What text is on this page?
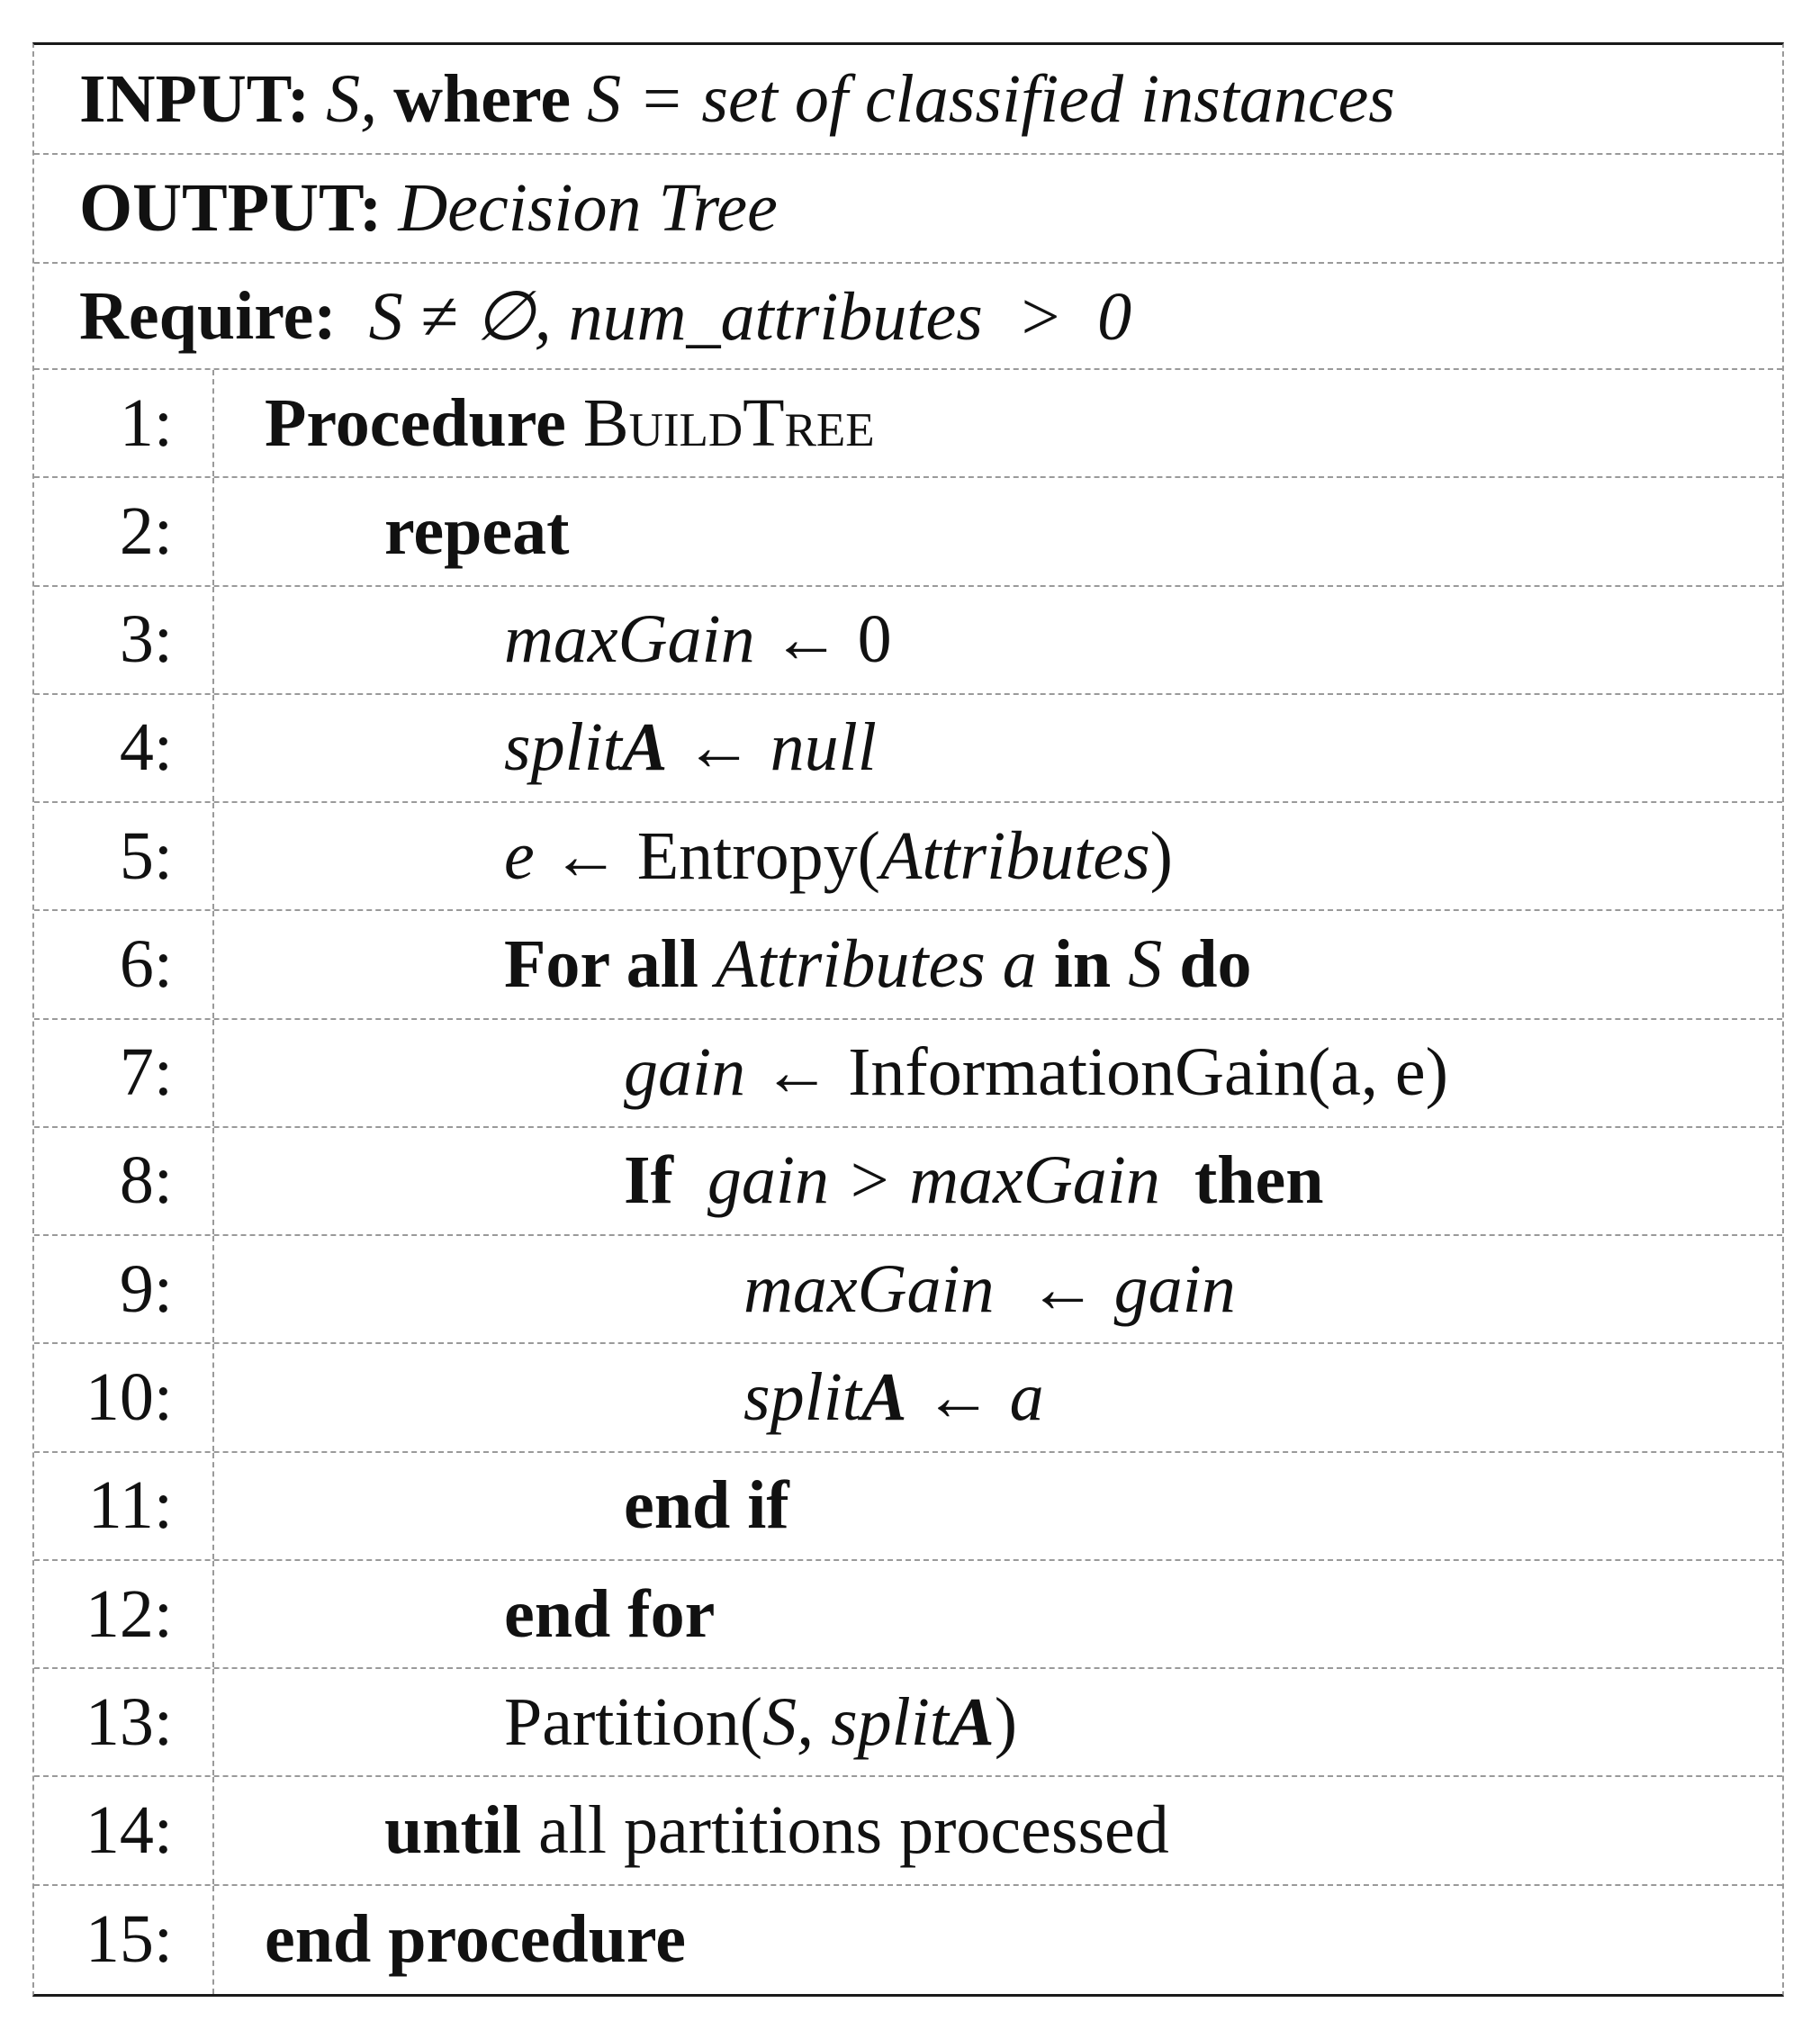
INPUT: S, where S = set of classified instances
OUTPUT: Decision Tree
Require: S ≠ ∅, num_attributes  >  0
1:	Procedure BuildTree
2:	repeat
3:	maxGain ← 0
4:	split A ← null
5:	e ← Entropy( Attributes )
6:	For all Attributes a in S do
7:	gain ← InformationGain(a, e)
8:	If gain > maxGain then
9:	maxGain ← gain
10:	split A ← a
11:	end if
12:	end for
13:	Partition( S, split A )
14:	until all partitions processed
15:	end procedure
